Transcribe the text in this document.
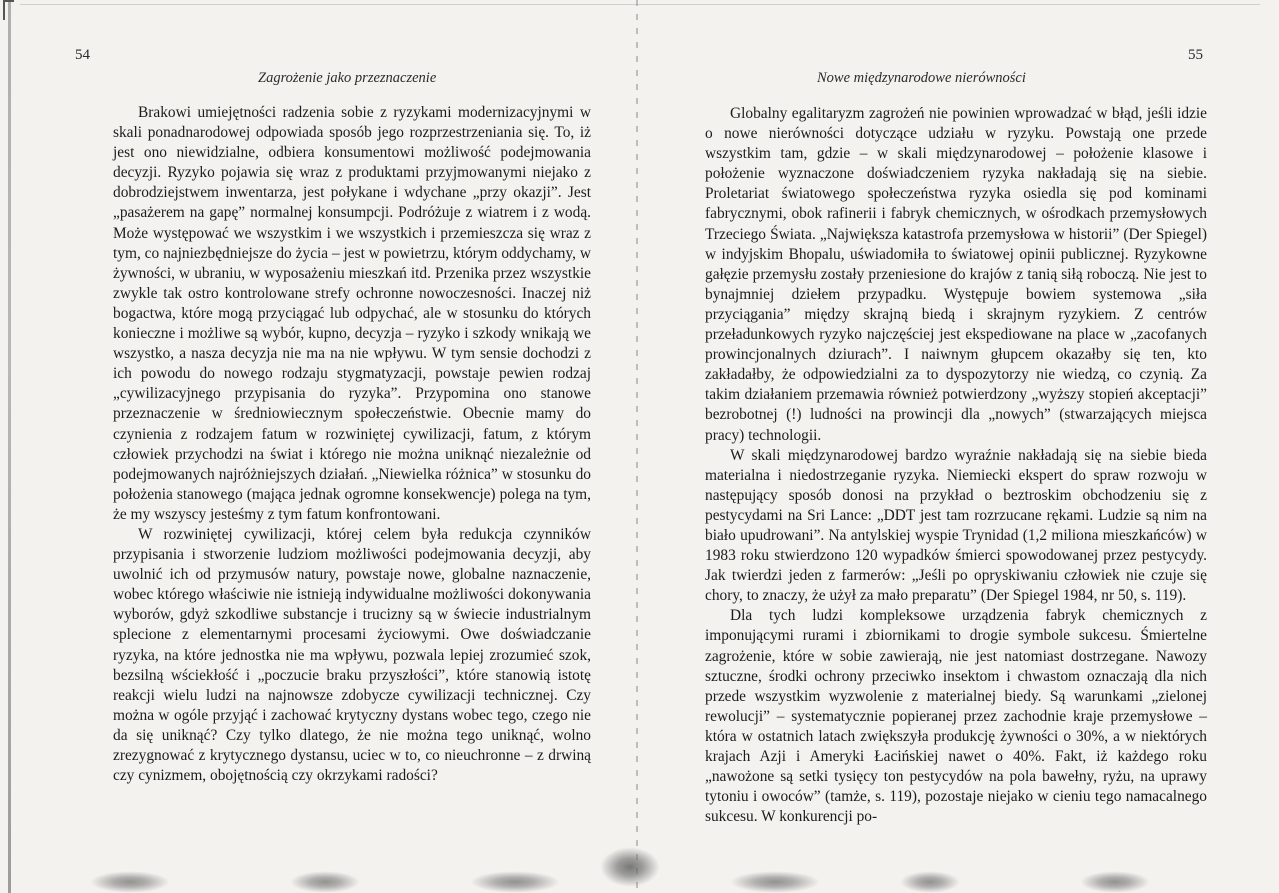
54
Zagrożenie jako przeznaczenie

Brakowi umiejętności radzenia sobie z ryzykami modernizacyjnymi w skali ponadnarodowej odpowiada sposób jego rozprzestrzeniania się. To, iż jest ono niewidzialne, odbiera konsumentowi możliwość podejmowania decyzji. Ryzyko pojawia się wraz z produktami przyjmowanymi niejako z dobrodziejstwem inwentarza, jest połykane i wdychane „przy okazji”. Jest „pasażerem na gapę” normalnej konsumpcji. Podróżuje z wiatrem i z wodą. Może występować we wszystkim i we wszystkich i przemieszcza się wraz z tym, co najniezbędniejsze do życia – jest w powietrzu, którym oddychamy, w żywności, w ubraniu, w wyposażeniu mieszkań itd. Przenika przez wszystkie zwykle tak ostro kontrolowane strefy ochronne nowoczesności. Inaczej niż bogactwa, które mogą przyciągać lub odpychać, ale w stosunku do których konieczne i możliwe są wybór, kupno, decyzja – ryzyko i szkody wnikają we wszystko, a nasza decyzja nie ma na nie wpływu. W tym sensie dochodzi z ich powodu do nowego rodzaju stygmatyzacji, powstaje pewien rodzaj „cywilizacyjnego przypisania do ryzyka”. Przypomina ono stanowe przeznaczenie w średniowiecznym społeczeństwie. Obecnie mamy do czynienia z rodzajem fatum w rozwiniętej cywilizacji, fatum, z którym człowiek przychodzi na świat i którego nie można uniknąć niezależnie od podejmowanych najróżniejszych działań. „Niewielka różnica” w stosunku do położenia stanowego (mająca jednak ogromne konsekwencje) polega na tym, że my wszyscy jesteśmy z tym fatum konfrontowani.

W rozwiniętej cywilizacji, której celem była redukcja czynników przypisania i stworzenie ludziom możliwości podejmowania decyzji, aby uwolnić ich od przymusów natury, powstaje nowe, globalne naznaczenie, wobec którego właściwie nie istnieją indywidualne możliwości dokonywania wyborów, gdyż szkodliwe substancje i trucizny są w świecie industrialnym splecione z elementarnymi procesami życiowymi. Owe doświadczanie ryzyka, na które jednostka nie ma wpływu, pozwala lepiej zrozumieć szok, bezsilną wściekłość i „poczucie braku przyszłości”, które stanowią istotę reakcji wielu ludzi na najnowsze zdobycze cywilizacji technicznej. Czy można w ogóle przyjąć i zachować krytyczny dystans wobec tego, czego nie da się uniknąć? Czy tylko dlatego, że nie można tego uniknąć, wolno zrezygnować z krytycznego dystansu, uciec w to, co nieuchronne – z drwiną czy cynizmem, obojętnością czy okrzykami radości?

55
Nowe międzynarodowe nierówności

Globalny egalitaryzm zagrożeń nie powinien wprowadzać w błąd, jeśli idzie o nowe nierówności dotyczące udziału w ryzyku. Powstają one przede wszystkim tam, gdzie – w skali międzynarodowej – położenie klasowe i położenie wyznaczone doświadczeniem ryzyka nakładają się na siebie. Proletariat światowego społeczeństwa ryzyka osiedla się pod kominami fabrycznymi, obok rafinerii i fabryk chemicznych, w ośrodkach przemysłowych Trzeciego Świata. „Największa katastrofa przemysłowa w historii” (Der Spiegel) w indyjskim Bhopalu, uświadomiła to światowej opinii publicznej. Ryzykowne gałęzie przemysłu zostały przeniesione do krajów z tanią siłą roboczą. Nie jest to bynajmniej dziełem przypadku. Występuje bowiem systemowa „siła przyciągania” między skrajną biedą i skrajnym ryzykiem. Z centrów przeładunkowych ryzyko najczęściej jest ekspediowane na place w „zacofanych prowincjonalnych dziurach”. I naiwnym głupcem okazałby się ten, kto zakładałby, że odpowiedzialni za to dyspozytorzy nie wiedzą, co czynią. Za takim działaniem przemawia również potwierdzony „wyższy stopień akceptacji” bezrobotnej (!) ludności na prowincji dla „nowych” (stwarzających miejsca pracy) technologii.

W skali międzynarodowej bardzo wyraźnie nakładają się na siebie bieda materialna i niedostrzeganie ryzyka. Niemiecki ekspert do spraw rozwoju w następujący sposób donosi na przykład o beztroskim obchodzeniu się z pestycydami na Sri Lance: „DDT jest tam rozrzucane rękami. Ludzie są nim na biało upudrowani”. Na antylskiej wyspie Trynidad (1,2 miliona mieszkańców) w 1983 roku stwierdzono 120 wypadków śmierci spowodowanej przez pestycydy. Jak twierdzi jeden z farmerów: „Jeśli po opryskiwaniu człowiek nie czuje się chory, to znaczy, że użył za mało preparatu” (Der Spiegel 1984, nr 50, s. 119).

Dla tych ludzi kompleksowe urządzenia fabryk chemicznych z imponującymi rurami i zbiornikami to drogie symbole sukcesu. Śmiertelne zagrożenie, które w sobie zawierają, nie jest natomiast dostrzegane. Nawozy sztuczne, środki ochrony przeciwko insektom i chwastom oznaczają dla nich przede wszystkim wyzwolenie z materialnej biedy. Są warunkami „zielonej rewolucji” – systematycznie popieranej przez zachodnie kraje przemysłowe – która w ostatnich latach zwiększyła produkcję żywności o 30%, a w niektórych krajach Azji i Ameryki Łacińskiej nawet o 40%. Fakt, iż każdego roku „nawożone są setki tysięcy ton pestycydów na pola bawełny, ryżu, na uprawy tytoniu i owoców” (tamże, s. 119), pozostaje niejako w cieniu tego namacalnego sukcesu. W konkurencji po-
